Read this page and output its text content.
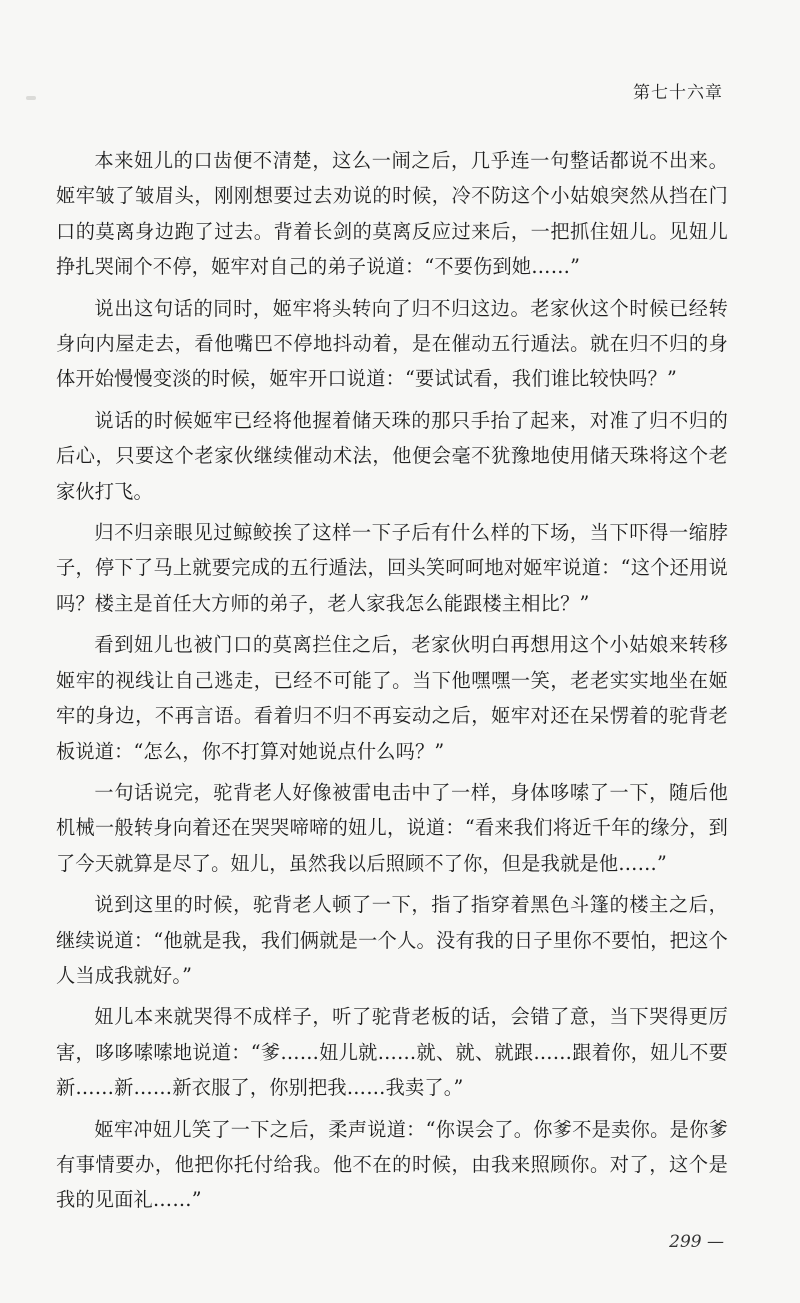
第七十六章

本来妞儿的口齿便不清楚，这么一闹之后，几乎连一句整话都说不出来。姬牢皱了皱眉头，刚刚想要过去劝说的时候，冷不防这个小姑娘突然从挡在门口的莫离身边跑了过去。背着长剑的莫离反应过来后，一把抓住妞儿。见妞儿挣扎哭闹个不停，姬牢对自己的弟子说道：“不要伤到她……”

说出这句话的同时，姬牢将头转向了归不归这边。老家伙这个时候已经转身向内屋走去，看他嘴巴不停地抖动着，是在催动五行遁法。就在归不归的身体开始慢慢变淡的时候，姬牢开口说道：“要试试看，我们谁比较快吗？”

说话的时候姬牢已经将他握着储天珠的那只手抬了起来，对准了归不归的后心，只要这个老家伙继续催动术法，他便会毫不犹豫地使用储天珠将这个老家伙打飞。

归不归亲眼见过鲸鲛挨了这样一下子后有什么样的下场，当下吓得一缩脖子，停下了马上就要完成的五行遁法，回头笑呵呵地对姬牢说道：“这个还用说吗？楼主是首任大方师的弟子，老人家我怎么能跟楼主相比？”

看到妞儿也被门口的莫离拦住之后，老家伙明白再想用这个小姑娘来转移姬牢的视线让自己逃走，已经不可能了。当下他嘿嘿一笑，老老实实地坐在姬牢的身边，不再言语。看着归不归不再妄动之后，姬牢对还在呆愣着的驼背老板说道：“怎么，你不打算对她说点什么吗？”

一句话说完，驼背老人好像被雷电击中了一样，身体哆嗦了一下，随后他机械一般转身向着还在哭哭啼啼的妞儿，说道：“看来我们将近千年的缘分，到了今天就算是尽了。妞儿，虽然我以后照顾不了你，但是我就是他……”

说到这里的时候，驼背老人顿了一下，指了指穿着黑色斗篷的楼主之后，继续说道：“他就是我，我们俩就是一个人。没有我的日子里你不要怕，把这个人当成我就好。”

妞儿本来就哭得不成样子，听了驼背老板的话，会错了意，当下哭得更厉害，哆哆嗦嗦地说道：“爹……妞儿就……就、就、就跟……跟着你，妞儿不要新……新……新衣服了，你别把我……我卖了。”

姬牢冲妞儿笑了一下之后，柔声说道：“你误会了。你爹不是卖你。是你爹有事情要办，他把你托付给我。他不在的时候，由我来照顾你。对了，这个是我的见面礼……”

299 —
